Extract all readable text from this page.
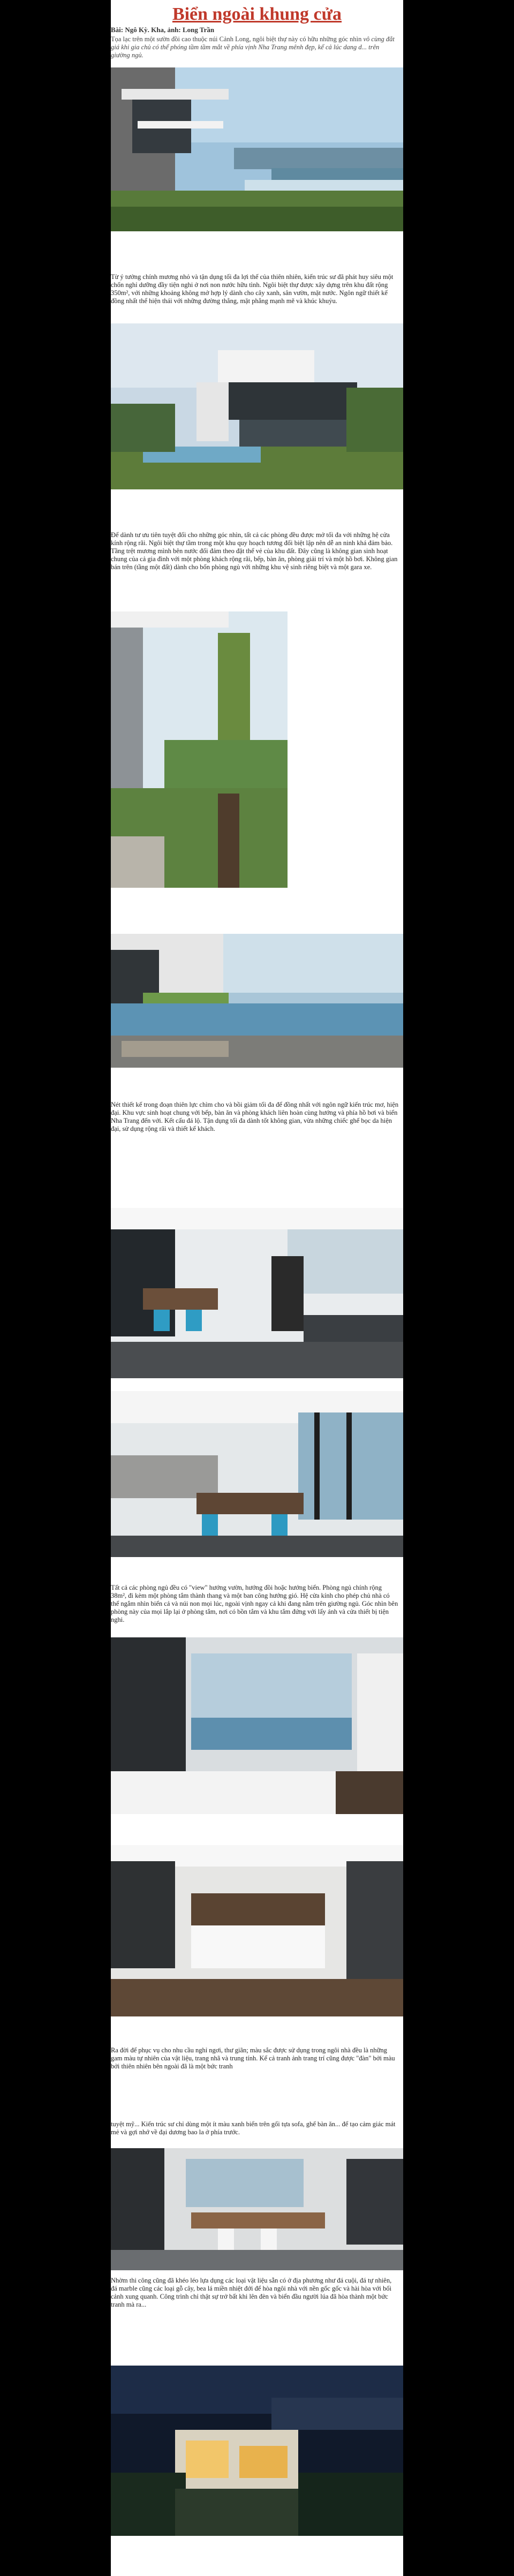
Biển ngoài khung cửa

Bài: Ngô Kỳ. Kha, ảnh: Long Trần

Tọa lạc trên một sườn đồi cao thuộc núi Cảnh Long, ngôi biệt thự này có hữu những góc nhìn vô cùng đắt giá khi gia chủ có thể phóng tầm tầm mắt về phía vịnh Nha Trang mênh đẹp, kể cả lúc dang d... trên giường ngủ.

Từ ý tưởng chính mương nhỏ và tận dụng tối đa lợi thế của thiên nhiên, kiến trúc sư đã phát huy siêu một chốn nghỉ dưỡng đầy tiện nghi ở nơi non nước hữu tình. Ngôi biệt thự được xây dựng trên khu đất rộng 350m², với những khoảng không mở hợp lý dành cho cây xanh, sân vườn, mặt nước. Ngôn ngữ thiết kế đồng nhất thể hiện thái với những đường thẳng, mặt phẳng mạnh mẽ và khúc khuỷu.

Để dành tư ưu tiên tuyệt đối cho những góc nhìn, tất cả các phòng đều được mở tối đa với những hệ cửa kính rộng rãi. Ngôi biệt thự tầm trong một khu quy hoạch tương đối biệt lập nên dễ an ninh khá đảm bảo. Tầng trệt mương mình bên nước đối đảm theo đặt thể vẻ của khu đất. Đây cũng là không gian sinh hoạt chung của cả gia đình với một phòng khách rộng rãi, bếp, bàn ăn, phòng giải trí và một hồ bơi. Không gian bán trên (tầng một đất) dành cho bốn phòng ngủ với những khu vệ sinh riêng biệt và một gara xe.

Nét thiết kế trong đoạn thiên lực chìm cho và bồi giảm tối đa để đồng nhất với ngôn ngữ kiến trúc mơ, hiện đại. Khu vực sinh hoạt chung với bếp, bàn ăn và phòng khách liên hoàn cùng hướng và phía hồ bơi và biển Nha Trang đến với. Kết cấu đá lộ. Tận dụng tối đa dành tốt không gian, vừa những chiếc ghế bọc da hiện đại, sử dụng rộng rãi và thiết kế khách.

Tất cả các phòng ngủ đều có "view" hướng vườn, hướng đồi hoặc hướng biển. Phòng ngủ chính rộng 38m², đi kèm một phòng tắm thành thang và một ban công hướng gió. Hệ cửa kính cho phép chủ nhà có thể ngắm nhìn biển cả và núi non mọi lúc, ngoài vịnh ngay cả khi đang nằm trên giường ngủ. Góc nhìn bên phòng này của mọi lắp lại ở phòng tắm, nơi có bồn tắm và khu tắm đứng với lấy ánh và cửa thiết bị tiện nghi.

Ra đời để phục vụ cho nhu cầu nghỉ ngơi, thư giãn; màu sắc được sử dụng trong ngôi nhà đều là những gam màu tự nhiên của vật liệu, trang nhã và trung tính. Kể cả tranh ảnh trang trí cũng được "đàn" bởi màu bởi thiên nhiên bên ngoài đã là một bức tranh

tuyệt mỹ... Kiến trúc sư chỉ dùng một ít màu xanh biển trên gối tựa sofa, ghế bàn ăn... để tạo cảm giác mát mẻ và gợi nhớ về đại dương bao la ở phía trước.

Nhờm thi công cũng đã khéo léo lựa dụng các loại vật liệu sẵn có ở địa phương như đá cuội, đá tự nhiên, đá marble cũng các loại gỗ cây, bea lá miền nhiệt đới để hòa ngôi nhà với nền gốc gốc và hài hòa với bối cảnh xung quanh. Công trình chỉ thật sự trở bất khi lên đèn và biển đầu người lúa đã hòa thành một bức tranh mà ra...
